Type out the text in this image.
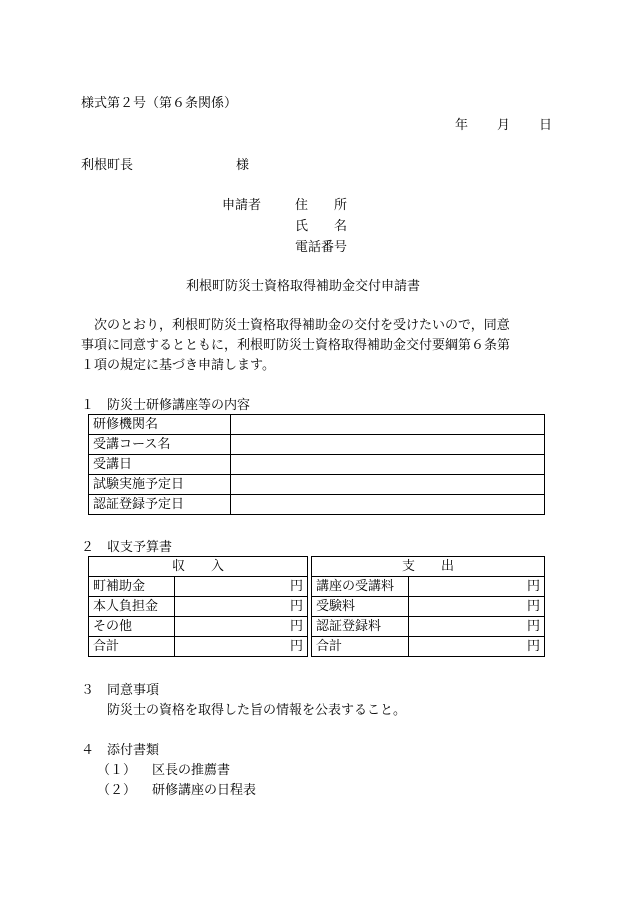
様式第２号（第６条関係）
年 月 日
利根町長	様
申請者	住　　所
氏　　名
電話番号
利根町防災士資格取得補助金交付申請書
次のとおり，利根町防災士資格取得補助金の交付を受けたいので，同意
事項に同意するとともに，利根町防災士資格取得補助金交付要綱第６条第
１項の規定に基づき申請します。
１　防災士研修講座等の内容
研修機関名	
受講コース名	
受講日	
試験実施予定日	
認証登録予定日	
２　収支予算書
収　　入			支　　出	
町補助金	円		講座の受講料	円
本人負担金	円		受験料	円
その他	円		認証登録料	円
合計	円		合計	円
３　同意事項
防災士の資格を取得した旨の情報を公表すること。
４　添付書類
（１） 区長の推薦書
（２） 研修講座の日程表
